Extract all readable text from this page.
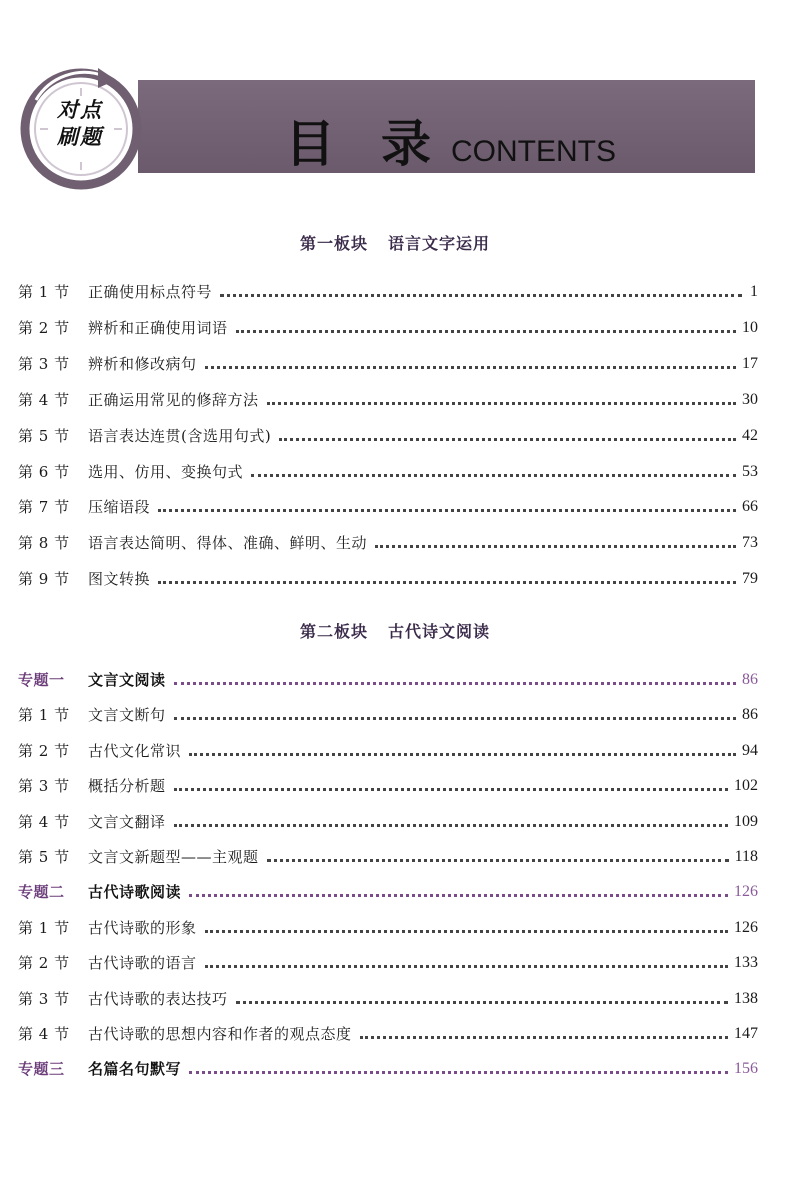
对点
刷题	目录
CONTENTS
第一板块 语言文字运用
第 1 节	正确使用标点符号	1
第 2 节	辨析和正确使用词语	10
第 3 节	辨析和修改病句	17
第 4 节	正确运用常见的修辞方法	30
第 5 节	语言表达连贯(含选用句式)	42
第 6 节	选用、仿用、变换句式	53
第 7 节	压缩语段	66
第 8 节	语言表达简明、得体、准确、鲜明、生动	73
第 9 节	图文转换	79
第二板块 古代诗文阅读
专题一	文言文阅读	86
第 1 节	文言文断句	86
第 2 节	古代文化常识	94
第 3 节	概括分析题	102
第 4 节	文言文翻译	109
第 5 节	文言文新题型——主观题	118
专题二	古代诗歌阅读	126
第 1 节	古代诗歌的形象	126
第 2 节	古代诗歌的语言	133
第 3 节	古代诗歌的表达技巧	138
第 4 节	古代诗歌的思想内容和作者的观点态度	147
专题三	名篇名句默写	156
